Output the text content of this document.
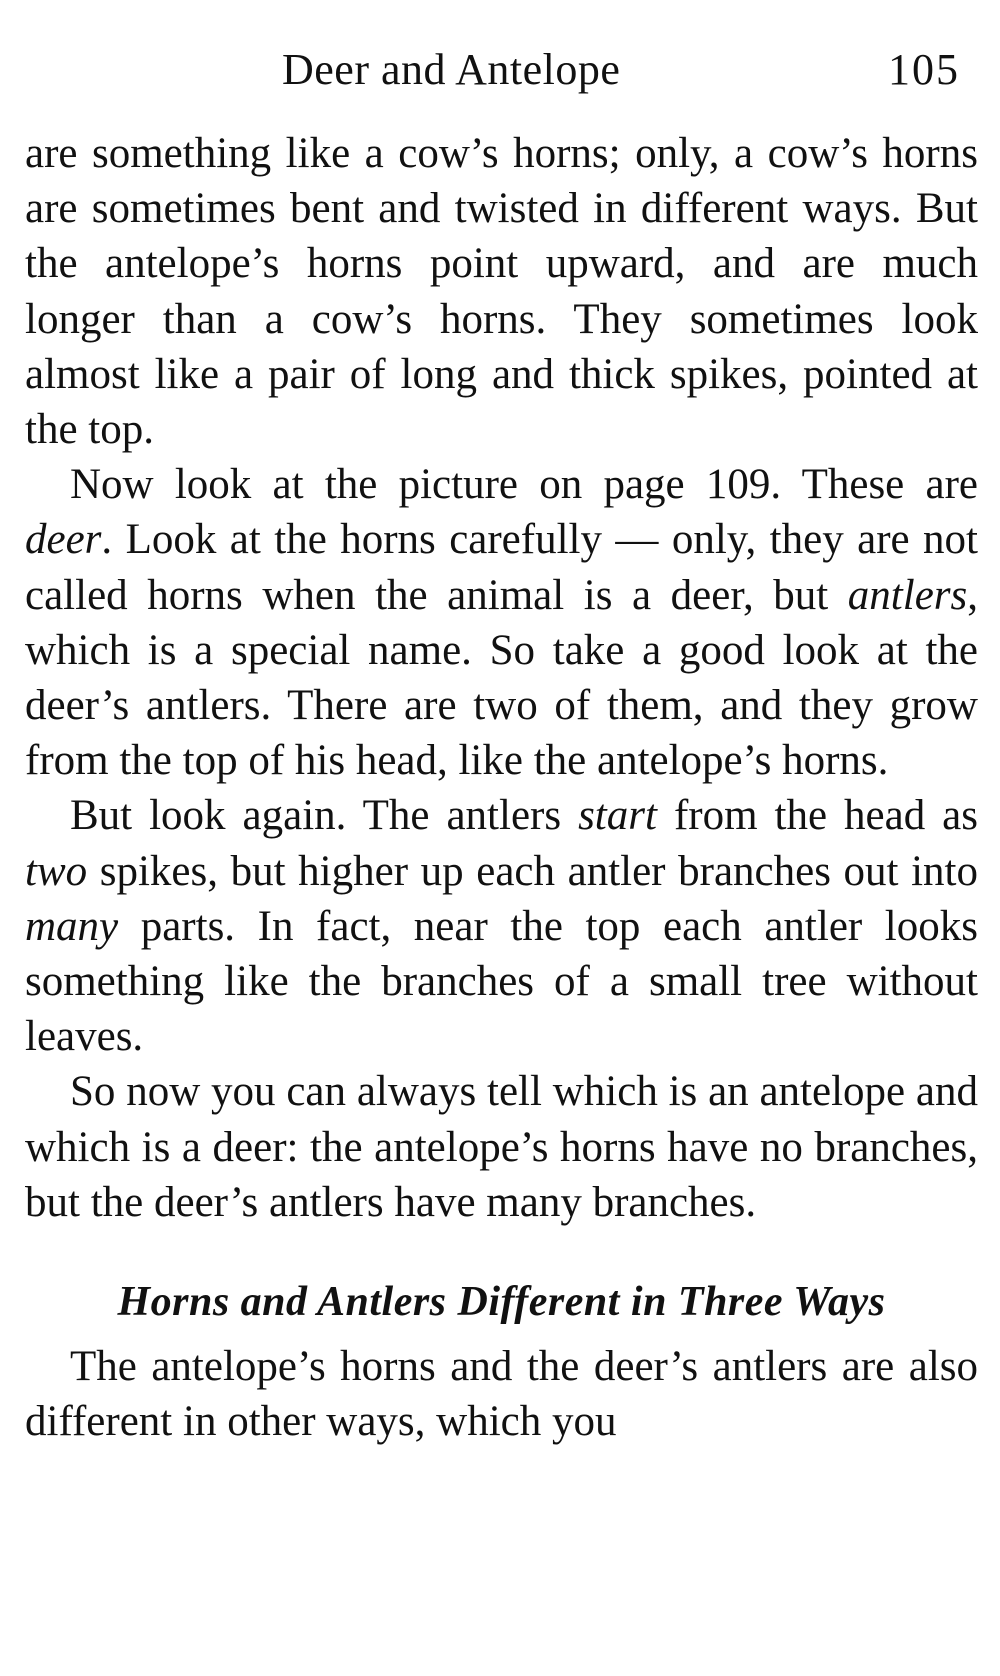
Deer and Antelope	105

are something like a cow’s horns; only, a cow’s horns are sometimes bent and twisted in different ways. But the antelope’s horns point upward, and are much longer than a cow’s horns. They sometimes look almost like a pair of long and thick spikes, pointed at the top.

Now look at the picture on page 109. These are deer. Look at the horns carefully — only, they are not called horns when the animal is a deer, but antlers, which is a special name. So take a good look at the deer’s antlers. There are two of them, and they grow from the top of his head, like the antelope’s horns.

But look again. The antlers start from the head as two spikes, but higher up each antler branches out into many parts. In fact, near the top each antler looks something like the branches of a small tree without leaves.

So now you can always tell which is an antelope and which is a deer: the antelope’s horns have no branches, but the deer’s antlers have many branches.

Horns and Antlers Different in Three Ways

The antelope’s horns and the deer’s antlers are also different in other ways, which you
